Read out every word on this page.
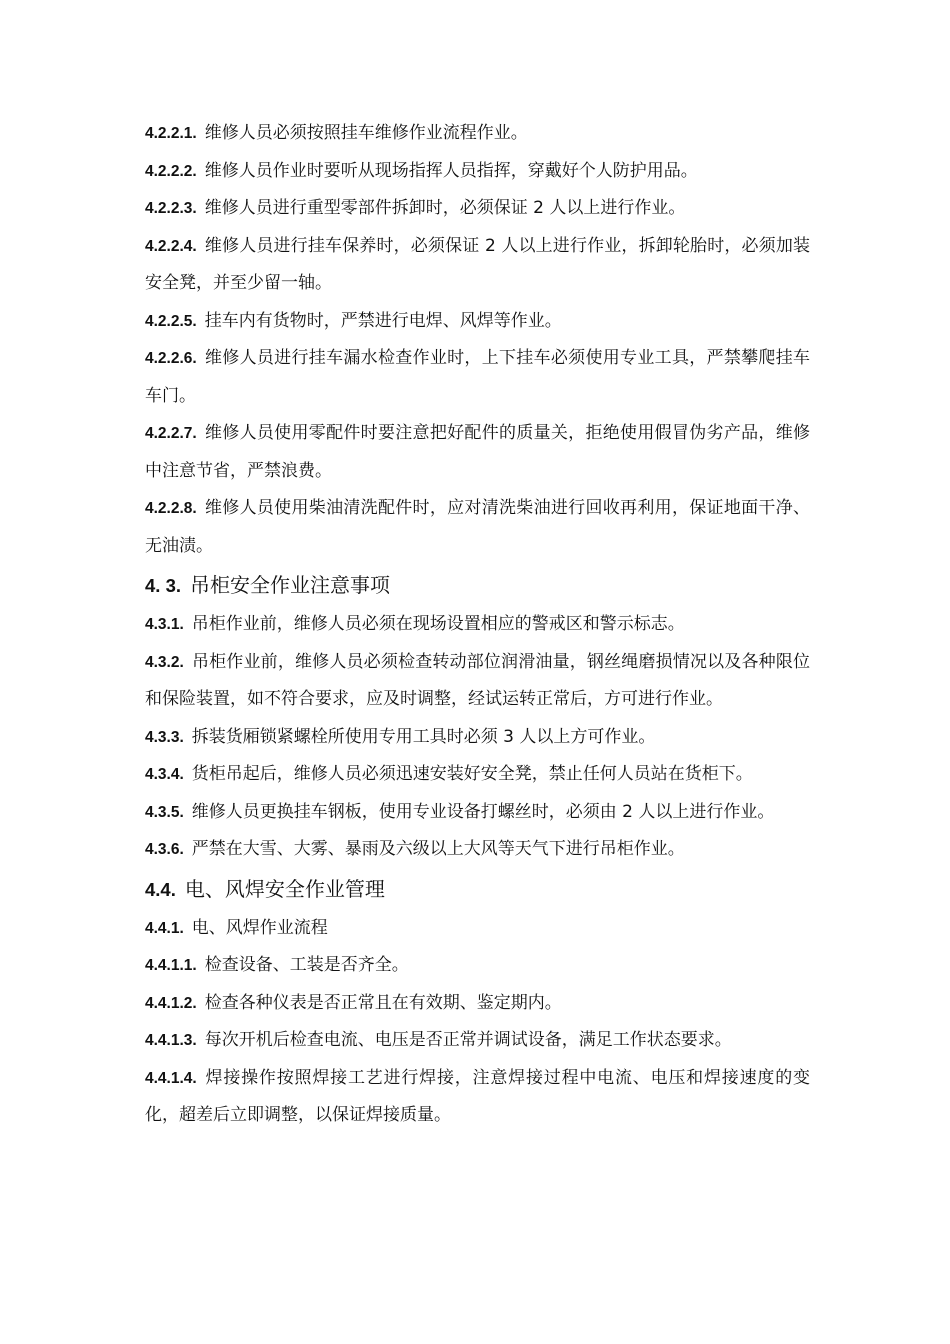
4.2.2.1. 维修人员必须按照挂车维修作业流程作业。

4.2.2.2. 维修人员作业时要听从现场指挥人员指挥，穿戴好个人防护用品。

4.2.2.3. 维修人员进行重型零部件拆卸时，必须保证 2 人以上进行作业。

4.2.2.4. 维修人员进行挂车保养时，必须保证 2 人以上进行作业，拆卸轮胎时，必须加装安全凳，并至少留一轴。

4.2.2.5. 挂车内有货物时，严禁进行电焊、风焊等作业。

4.2.2.6. 维修人员进行挂车漏水检查作业时，上下挂车必须使用专业工具，严禁攀爬挂车车门。

4.2.2.7. 维修人员使用零配件时要注意把好配件的质量关，拒绝使用假冒伪劣产品，维修中注意节省，严禁浪费。

4.2.2.8. 维修人员使用柴油清洗配件时，应对清洗柴油进行回收再利用，保证地面干净、无油渍。

4. 3. 吊柜安全作业注意事项

4.3.1. 吊柜作业前，维修人员必须在现场设置相应的警戒区和警示标志。

4.3.2. 吊柜作业前，维修人员必须检查转动部位润滑油量，钢丝绳磨损情况以及各种限位和保险装置，如不符合要求，应及时调整，经试运转正常后，方可进行作业。

4.3.3. 拆装货厢锁紧螺栓所使用专用工具时必须 3 人以上方可作业。

4.3.4. 货柜吊起后，维修人员必须迅速安装好安全凳，禁止任何人员站在货柜下。

4.3.5. 维修人员更换挂车钢板，使用专业设备打螺丝时，必须由 2 人以上进行作业。

4.3.6. 严禁在大雪、大雾、暴雨及六级以上大风等天气下进行吊柜作业。

4.4. 电、风焊安全作业管理

4.4.1. 电、风焊作业流程

4.4.1.1. 检查设备、工装是否齐全。

4.4.1.2. 检查各种仪表是否正常且在有效期、鉴定期内。

4.4.1.3. 每次开机后检查电流、电压是否正常并调试设备，满足工作状态要求。

4.4.1.4. 焊接操作按照焊接工艺进行焊接，注意焊接过程中电流、电压和焊接速度的变化，超差后立即调整，以保证焊接质量。
